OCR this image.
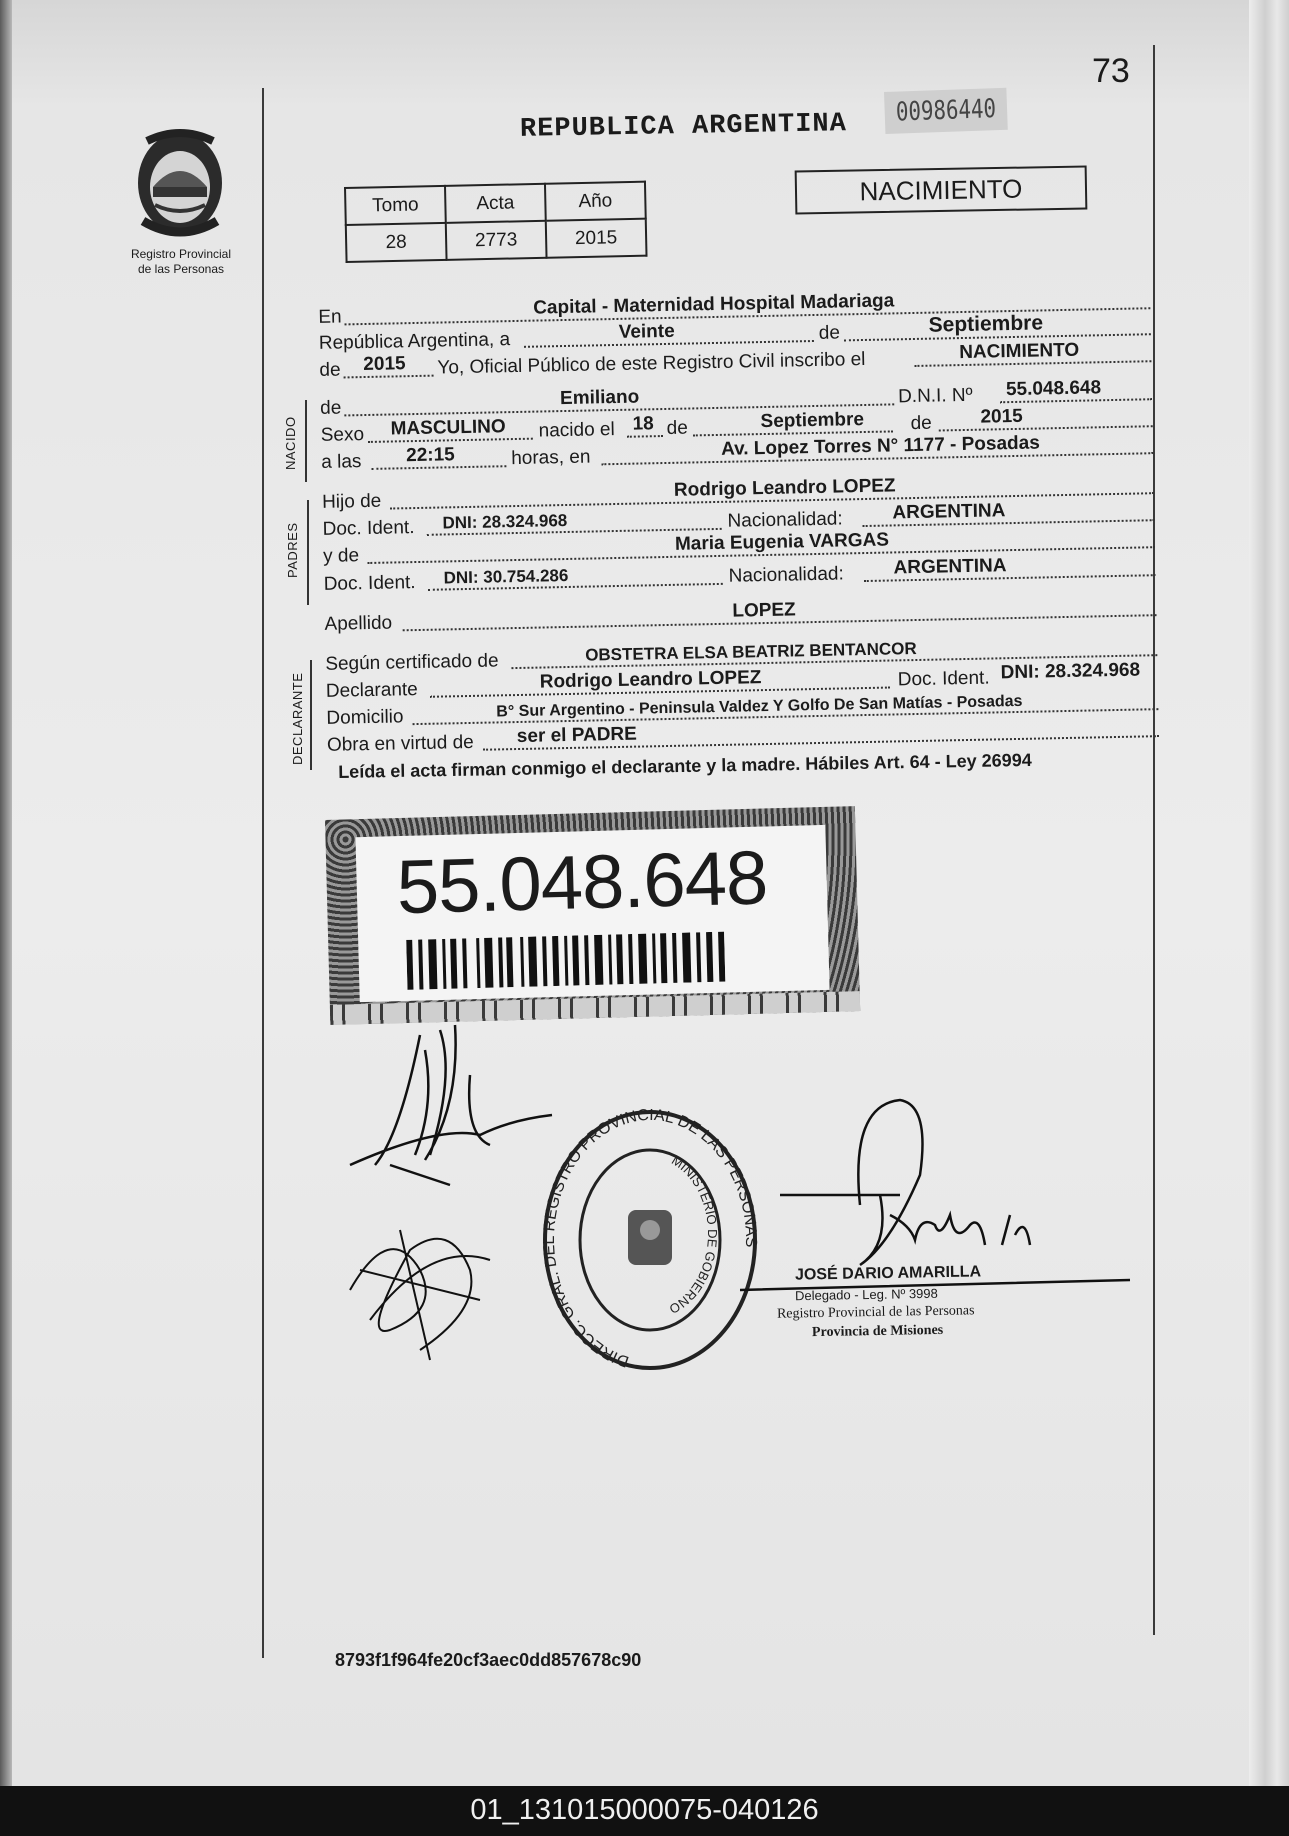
73
REPUBLICA ARGENTINA	00986440
Registro Provincial
de las Personas
Tomo	Acta	Año
28	2773	2015
NACIMIENTO
En	Capital - Maternidad Hospital Madariaga
República Argentina, a	Veinte	de	Septiembre
de 2015 Yo, Oficial Público de este Registro Civil inscribo el	NACIMIENTO
de	Emiliano	D.N.I. Nº 55.048.648
Sexo MASCULINO nacido el 18 de	Septiembre de	2015
a las 22:15	horas, en	Av. Lopez Torres N° 1177 - Posadas
Hijo de
Rodrigo Leandro LOPEZ
Doc. Ident. DNI: 28.324.968	Nacionalidad:	ARGENTINA
y de
Maria Eugenia VARGAS
Doc. Ident. DNI: 30.754.286	Nacionalidad:	ARGENTINA
Apellido
LOPEZ
Según certificado de	OBSTETRA ELSA BEATRIZ BENTANCOR
Declarante	Rodrigo Leandro LOPEZ	Doc. Ident. DNI: 28.324.968
Domicilio	B° Sur Argentino - Peninsula Valdez Y Golfo De San Matías - Posadas
Obra en virtud de ser el PADRE
NACIDO
PADRES
DECLARANTE
Leída el acta firman conmigo el declarante y la madre. Hábiles Art. 64 - Ley 26994
55.048.648
DIRECC. GRAL. DEL REGISTRO PROVINCIAL DE LAS PERSONAS
MINISTERIO DE GOBIERNO
JOSÉ DARIO AMARILLA
Delegado - Leg. Nº 3998
Registro Provincial de las Personas
Provincia de Misiones
8793f1f964fe20cf3aec0dd857678c90
01_131015000075-040126
